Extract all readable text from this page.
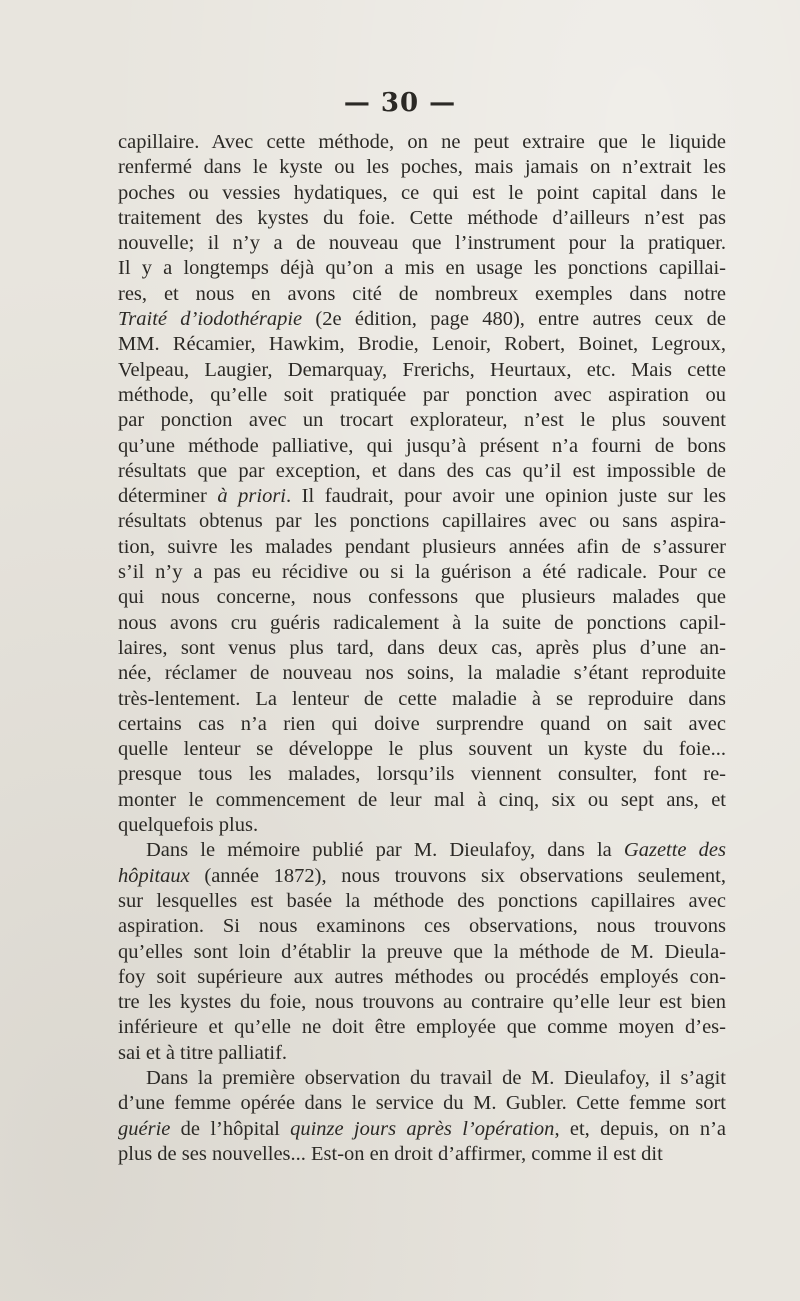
— 30 —

capillaire. Avec cette méthode, on ne peut extraire que le liquide
renfermé dans le kyste ou les poches, mais jamais on n’extrait les
poches ou vessies hydatiques, ce qui est le point capital dans le
traitement des kystes du foie. Cette méthode d’ailleurs n’est pas
nouvelle; il n’y a de nouveau que l’instrument pour la pratiquer.
Il y a longtemps déjà qu’on a mis en usage les ponctions capillai-
res, et nous en avons cité de nombreux exemples dans notre
Traité d’iodothérapie (2e édition, page 480), entre autres ceux de
MM. Récamier, Hawkim, Brodie, Lenoir, Robert, Boinet, Legroux,
Velpeau, Laugier, Demarquay, Frerichs, Heurtaux, etc. Mais cette
méthode, qu’elle soit pratiquée par ponction avec aspiration ou
par ponction avec un trocart explorateur, n’est le plus souvent
qu’une méthode palliative, qui jusqu’à présent n’a fourni de bons
résultats que par exception, et dans des cas qu’il est impossible de
déterminer à priori. Il faudrait, pour avoir une opinion juste sur les
résultats obtenus par les ponctions capillaires avec ou sans aspira-
tion, suivre les malades pendant plusieurs années afin de s’assurer
s’il n’y a pas eu récidive ou si la guérison a été radicale. Pour ce
qui nous concerne, nous confessons que plusieurs malades que
nous avons cru guéris radicalement à la suite de ponctions capil-
laires, sont venus plus tard, dans deux cas, après plus d’une an-
née, réclamer de nouveau nos soins, la maladie s’étant reproduite
très-lentement. La lenteur de cette maladie à se reproduire dans
certains cas n’a rien qui doive surprendre quand on sait avec
quelle lenteur se développe le plus souvent un kyste du foie...
presque tous les malades, lorsqu’ils viennent consulter, font re-
monter le commencement de leur mal à cinq, six ou sept ans, et
quelquefois plus.

Dans le mémoire publié par M. Dieulafoy, dans la Gazette des
hôpitaux (année 1872), nous trouvons six observations seulement,
sur lesquelles est basée la méthode des ponctions capillaires avec
aspiration. Si nous examinons ces observations, nous trouvons
qu’elles sont loin d’établir la preuve que la méthode de M. Dieula-
foy soit supérieure aux autres méthodes ou procédés employés con-
tre les kystes du foie, nous trouvons au contraire qu’elle leur est bien
inférieure et qu’elle ne doit être employée que comme moyen d’es-
sai et à titre palliatif.

Dans la première observation du travail de M. Dieulafoy, il s’agit
d’une femme opérée dans le service du M. Gubler. Cette femme sort
guérie de l’hôpital quinze jours après l’opération, et, depuis, on n’a
plus de ses nouvelles... Est-on en droit d’affirmer, comme il est dit
